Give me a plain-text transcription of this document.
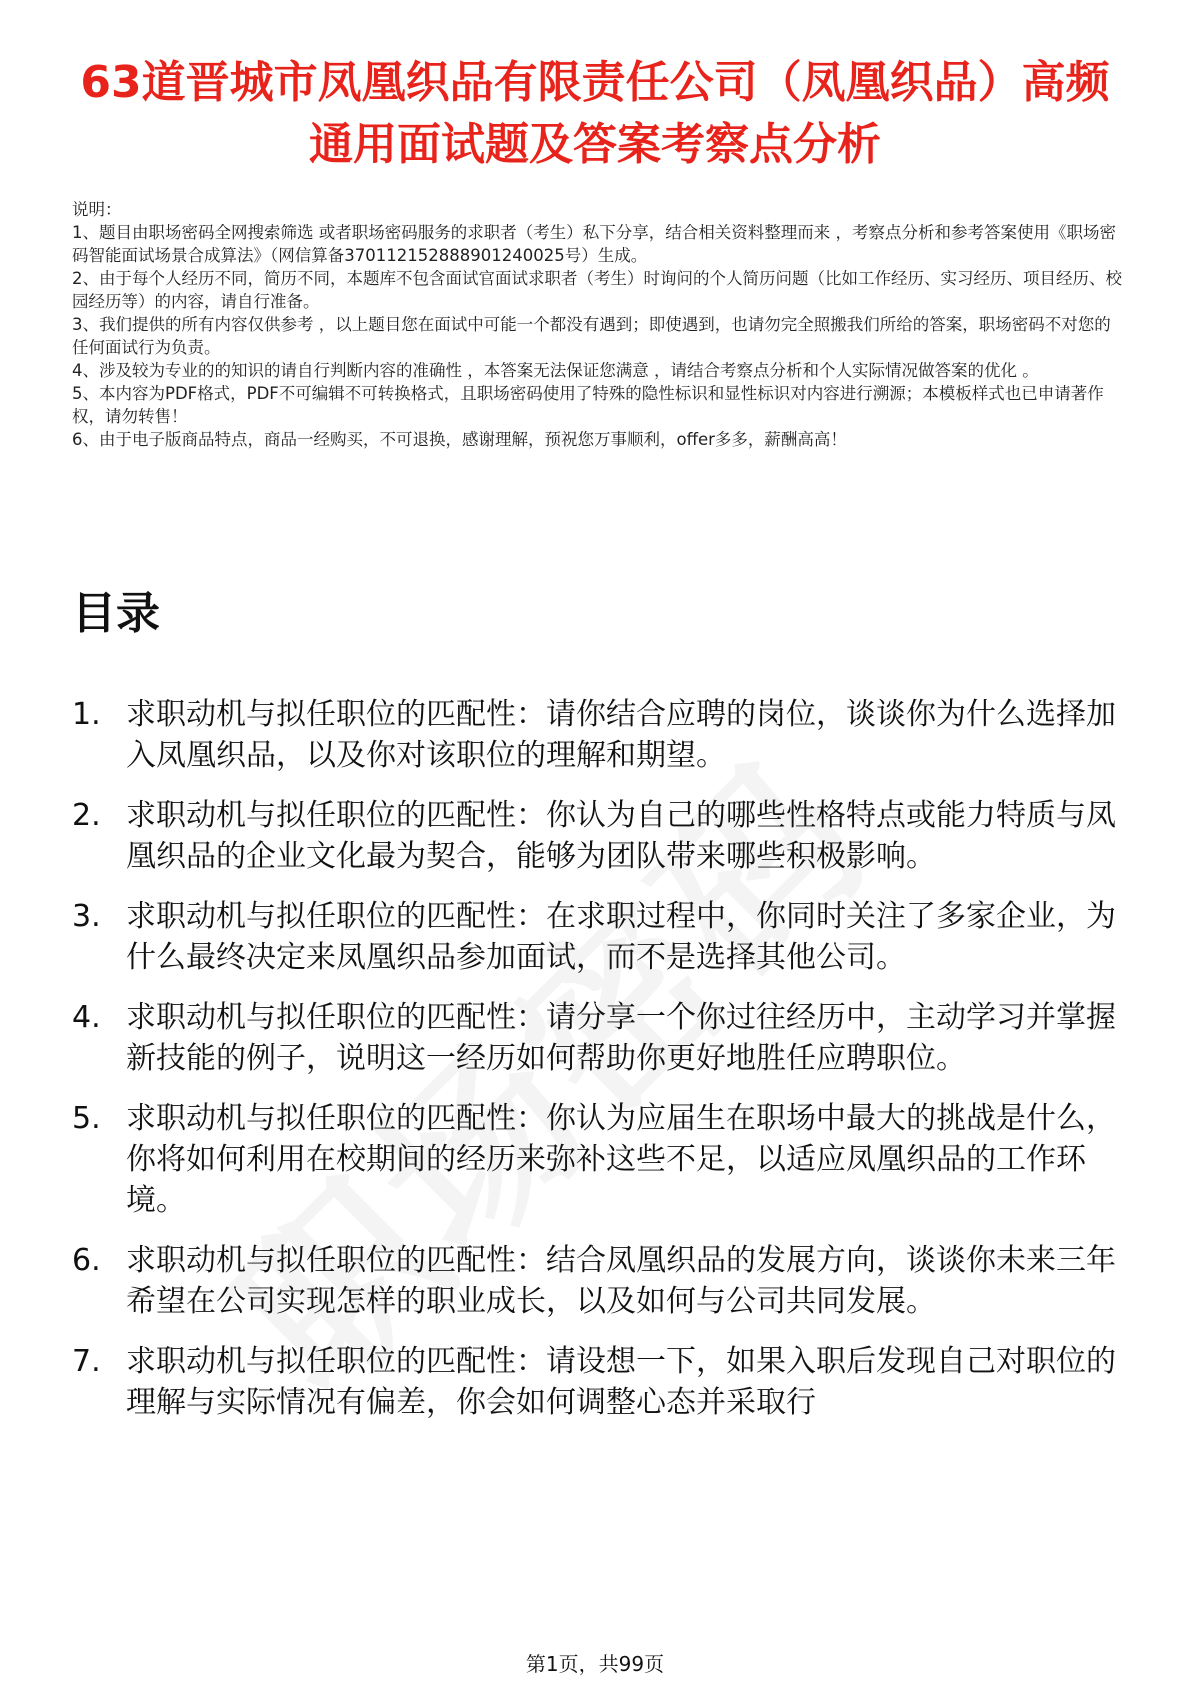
63道晋城市凤凰织品有限责任公司（凤凰织品）高频通用面试题及答案考察点分析

说明：

1、题目由职场密码全网搜索筛选 或者职场密码服务的求职者（考生）私下分享，结合相关资料整理而来 ，考察点分析和参考答案使用《职场密码智能面试场景合成算法》（网信算备370112152888901240025号）生成。

2、由于每个人经历不同，简历不同，本题库不包含面试官面试求职者（考生）时询问的个人简历问题（比如工作经历、实习经历、项目经历、校园经历等）的内容，请自行准备。

3、我们提供的所有内容仅供参考 ，以上题目您在面试中可能一个都没有遇到；即使遇到，也请勿完全照搬我们所给的答案，职场密码不对您的任何面试行为负责。

4、涉及较为专业的的知识的请自行判断内容的准确性 ，本答案无法保证您满意 ，请结合考察点分析和个人实际情况做答案的优化 。

5、本内容为PDF格式，PDF不可编辑不可转换格式，且职场密码使用了特殊的隐性标识和显性标识对内容进行溯源；本模板样式也已申请著作权，请勿转售！

6、由于电子版商品特点，商品一经购买，不可退换，感谢理解，预祝您万事顺利，offer多多，薪酬高高！

目录
1. 求职动机与拟任职位的匹配性：请你结合应聘的岗位，谈谈你为什么选择加入凤凰织品，以及你对该职位的理解和期望。
2. 求职动机与拟任职位的匹配性：你认为自己的哪些性格特点或能力特质与凤凰织品的企业文化最为契合，能够为团队带来哪些积极影响。
3. 求职动机与拟任职位的匹配性：在求职过程中，你同时关注了多家企业，为什么最终决定来凤凰织品参加面试，而不是选择其他公司。
4. 求职动机与拟任职位的匹配性：请分享一个你过往经历中，主动学习并掌握新技能的例子，说明这一经历如何帮助你更好地胜任应聘职位。
5. 求职动机与拟任职位的匹配性：你认为应届生在职场中最大的挑战是什么，你将如何利用在校期间的经历来弥补这些不足，以适应凤凰织品的工作环境。
6. 求职动机与拟任职位的匹配性：结合凤凰织品的发展方向，谈谈你未来三年希望在公司实现怎样的职业成长，以及如何与公司共同发展。
7. 求职动机与拟任职位的匹配性：请设想一下，如果入职后发现自己对职位的理解与实际情况有偏差，你会如何调整心态并采取行
第1页，共99页
